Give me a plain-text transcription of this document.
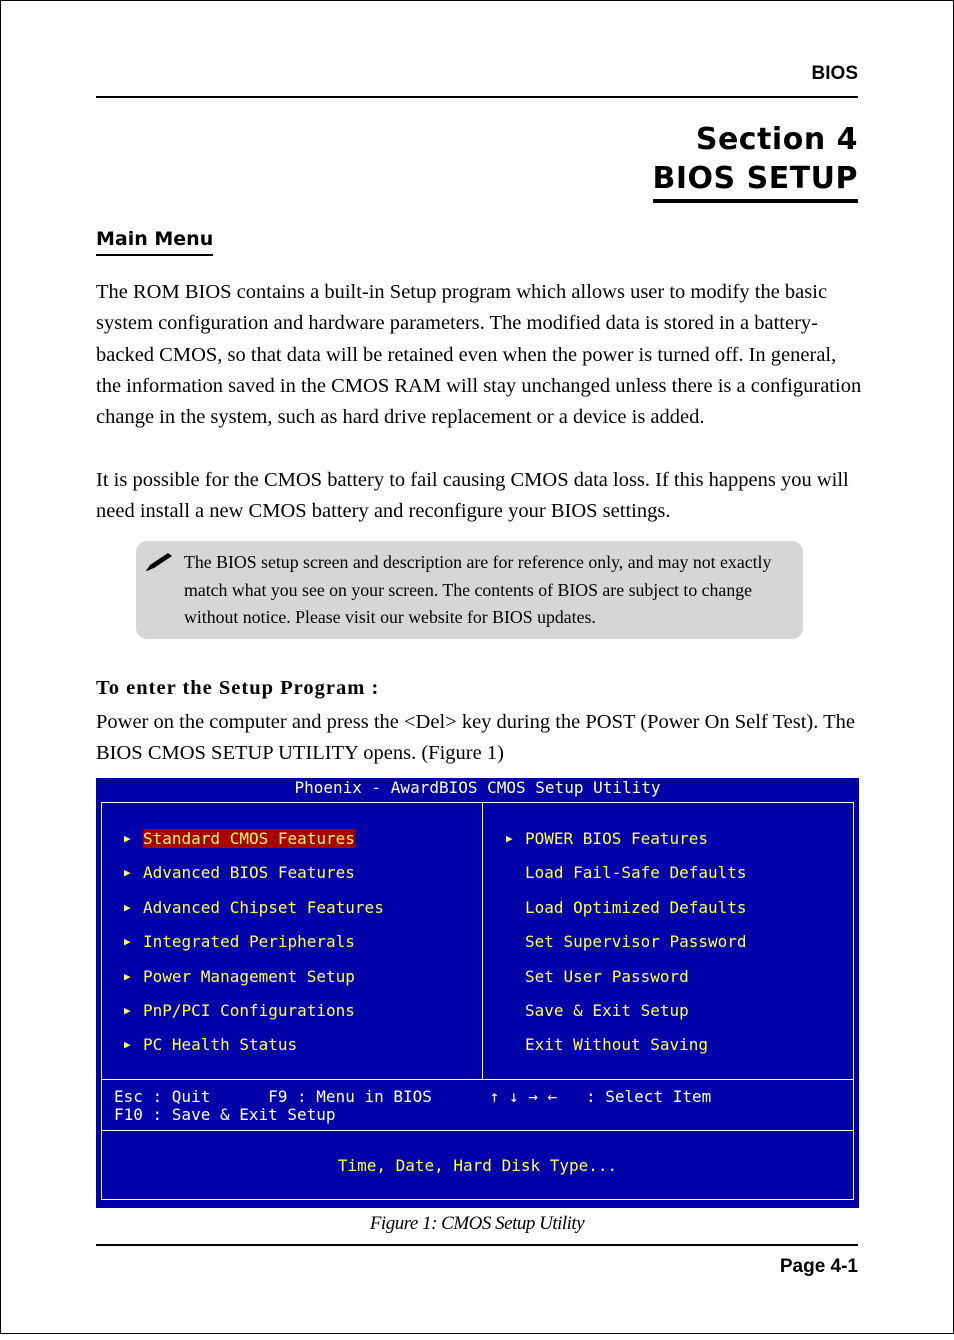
BIOS
Section 4
BIOS SETUP
Main Menu

The ROM BIOS contains a built-in Setup program which allows user to modify the basic system configuration and hardware parameters. The modified data is stored in a battery-backed CMOS, so that data will be retained even when the power is turned off. In general, the information saved in the CMOS RAM will stay unchanged unless there is a configuration change in the system, such as hard drive replacement or a device is added.

It is possible for the CMOS battery to fail causing CMOS data loss. If this happens you will need install a new CMOS battery and reconfigure your BIOS settings.

The BIOS setup screen and description are for reference only, and may not exactly match what you see on your screen. The contents of BIOS are subject to change without notice. Please visit our website for BIOS updates.

To enter the Setup Program :

Power on the computer and press the <Del> key during the POST (Power On Self Test). The BIOS CMOS SETUP UTILITY opens. (Figure 1)

Phoenix - AwardBIOS CMOS Setup Utility
▶ Standard CMOS Features
▶ Advanced BIOS Features
▶ Advanced Chipset Features
▶ Integrated Peripherals
▶ Power Management Setup
▶ PnP/PCI Configurations
▶ PC Health Status
▶ POWER BIOS Features
Load Fail-Safe Defaults
Load Optimized Defaults
Set Supervisor Password
Set User Password
Save & Exit Setup
Exit Without Saving
Esc : Quit      F9 : Menu in BIOS      ↑ ↓ → ←   : Select Item
F10 : Save & Exit Setup
Time, Date, Hard Disk Type...
Figure 1: CMOS Setup Utility
Page 4-1
